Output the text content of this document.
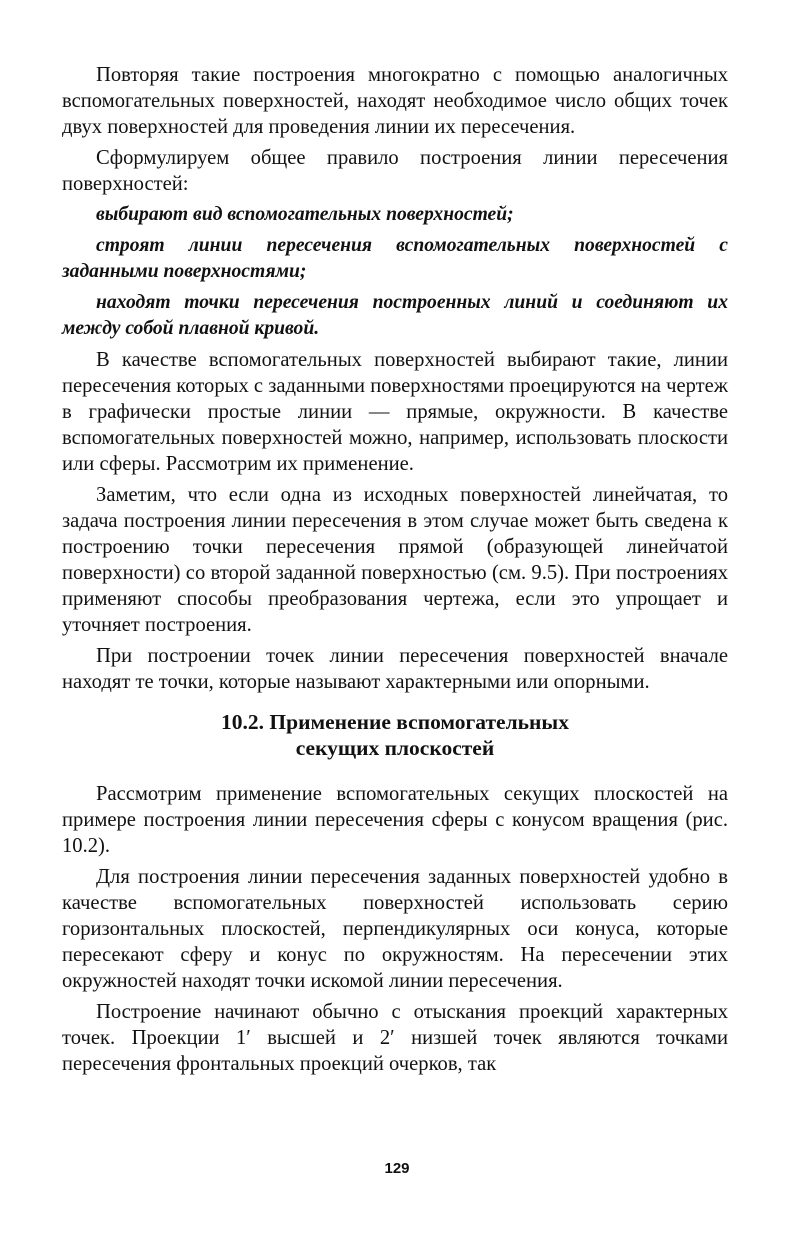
Повторяя такие построения многократно с помощью аналогичных вспомогательных поверхностей, находят необходимое число общих точек двух поверхностей для проведения линии их пересечения.

Сформулируем общее правило построения линии пересечения поверхностей:

выбирают вид вспомогательных поверхностей;

строят линии пересечения вспомогательных поверхностей с заданными поверхностями;

находят точки пересечения построенных линий и соединяют их между собой плавной кривой.

В качестве вспомогательных поверхностей выбирают такие, линии пересечения которых с заданными поверхностями проецируются на чертеж в графически простые линии — прямые, окружности. В качестве вспомогательных поверхностей можно, например, использовать плоскости или сферы. Рассмотрим их применение.

Заметим, что если одна из исходных поверхностей линейчатая, то задача построения линии пересечения в этом случае может быть сведена к построению точки пересечения прямой (образующей линейчатой поверхности) со второй заданной поверхностью (см. 9.5). При построениях применяют способы преобразования чертежа, если это упрощает и уточняет построения.

При построении точек линии пересечения поверхностей вначале находят те точки, которые называют характерными или опорными.

10.2. Применение вспомогательных
секущих плоскостей

Рассмотрим применение вспомогательных секущих плоскостей на примере построения линии пересечения сферы с конусом вращения (рис. 10.2).

Для построения линии пересечения заданных поверхностей удобно в качестве вспомогательных поверхностей использовать серию горизонтальных плоскостей, перпендикулярных оси конуса, которые пересекают сферу и конус по окружностям. На пересечении этих окружностей находят точки искомой линии пересечения.

Построение начинают обычно с отыскания проекций характерных точек. Проекции 1′ высшей и 2′ низшей точек являются точками пересечения фронтальных проекций очерков, так

129
